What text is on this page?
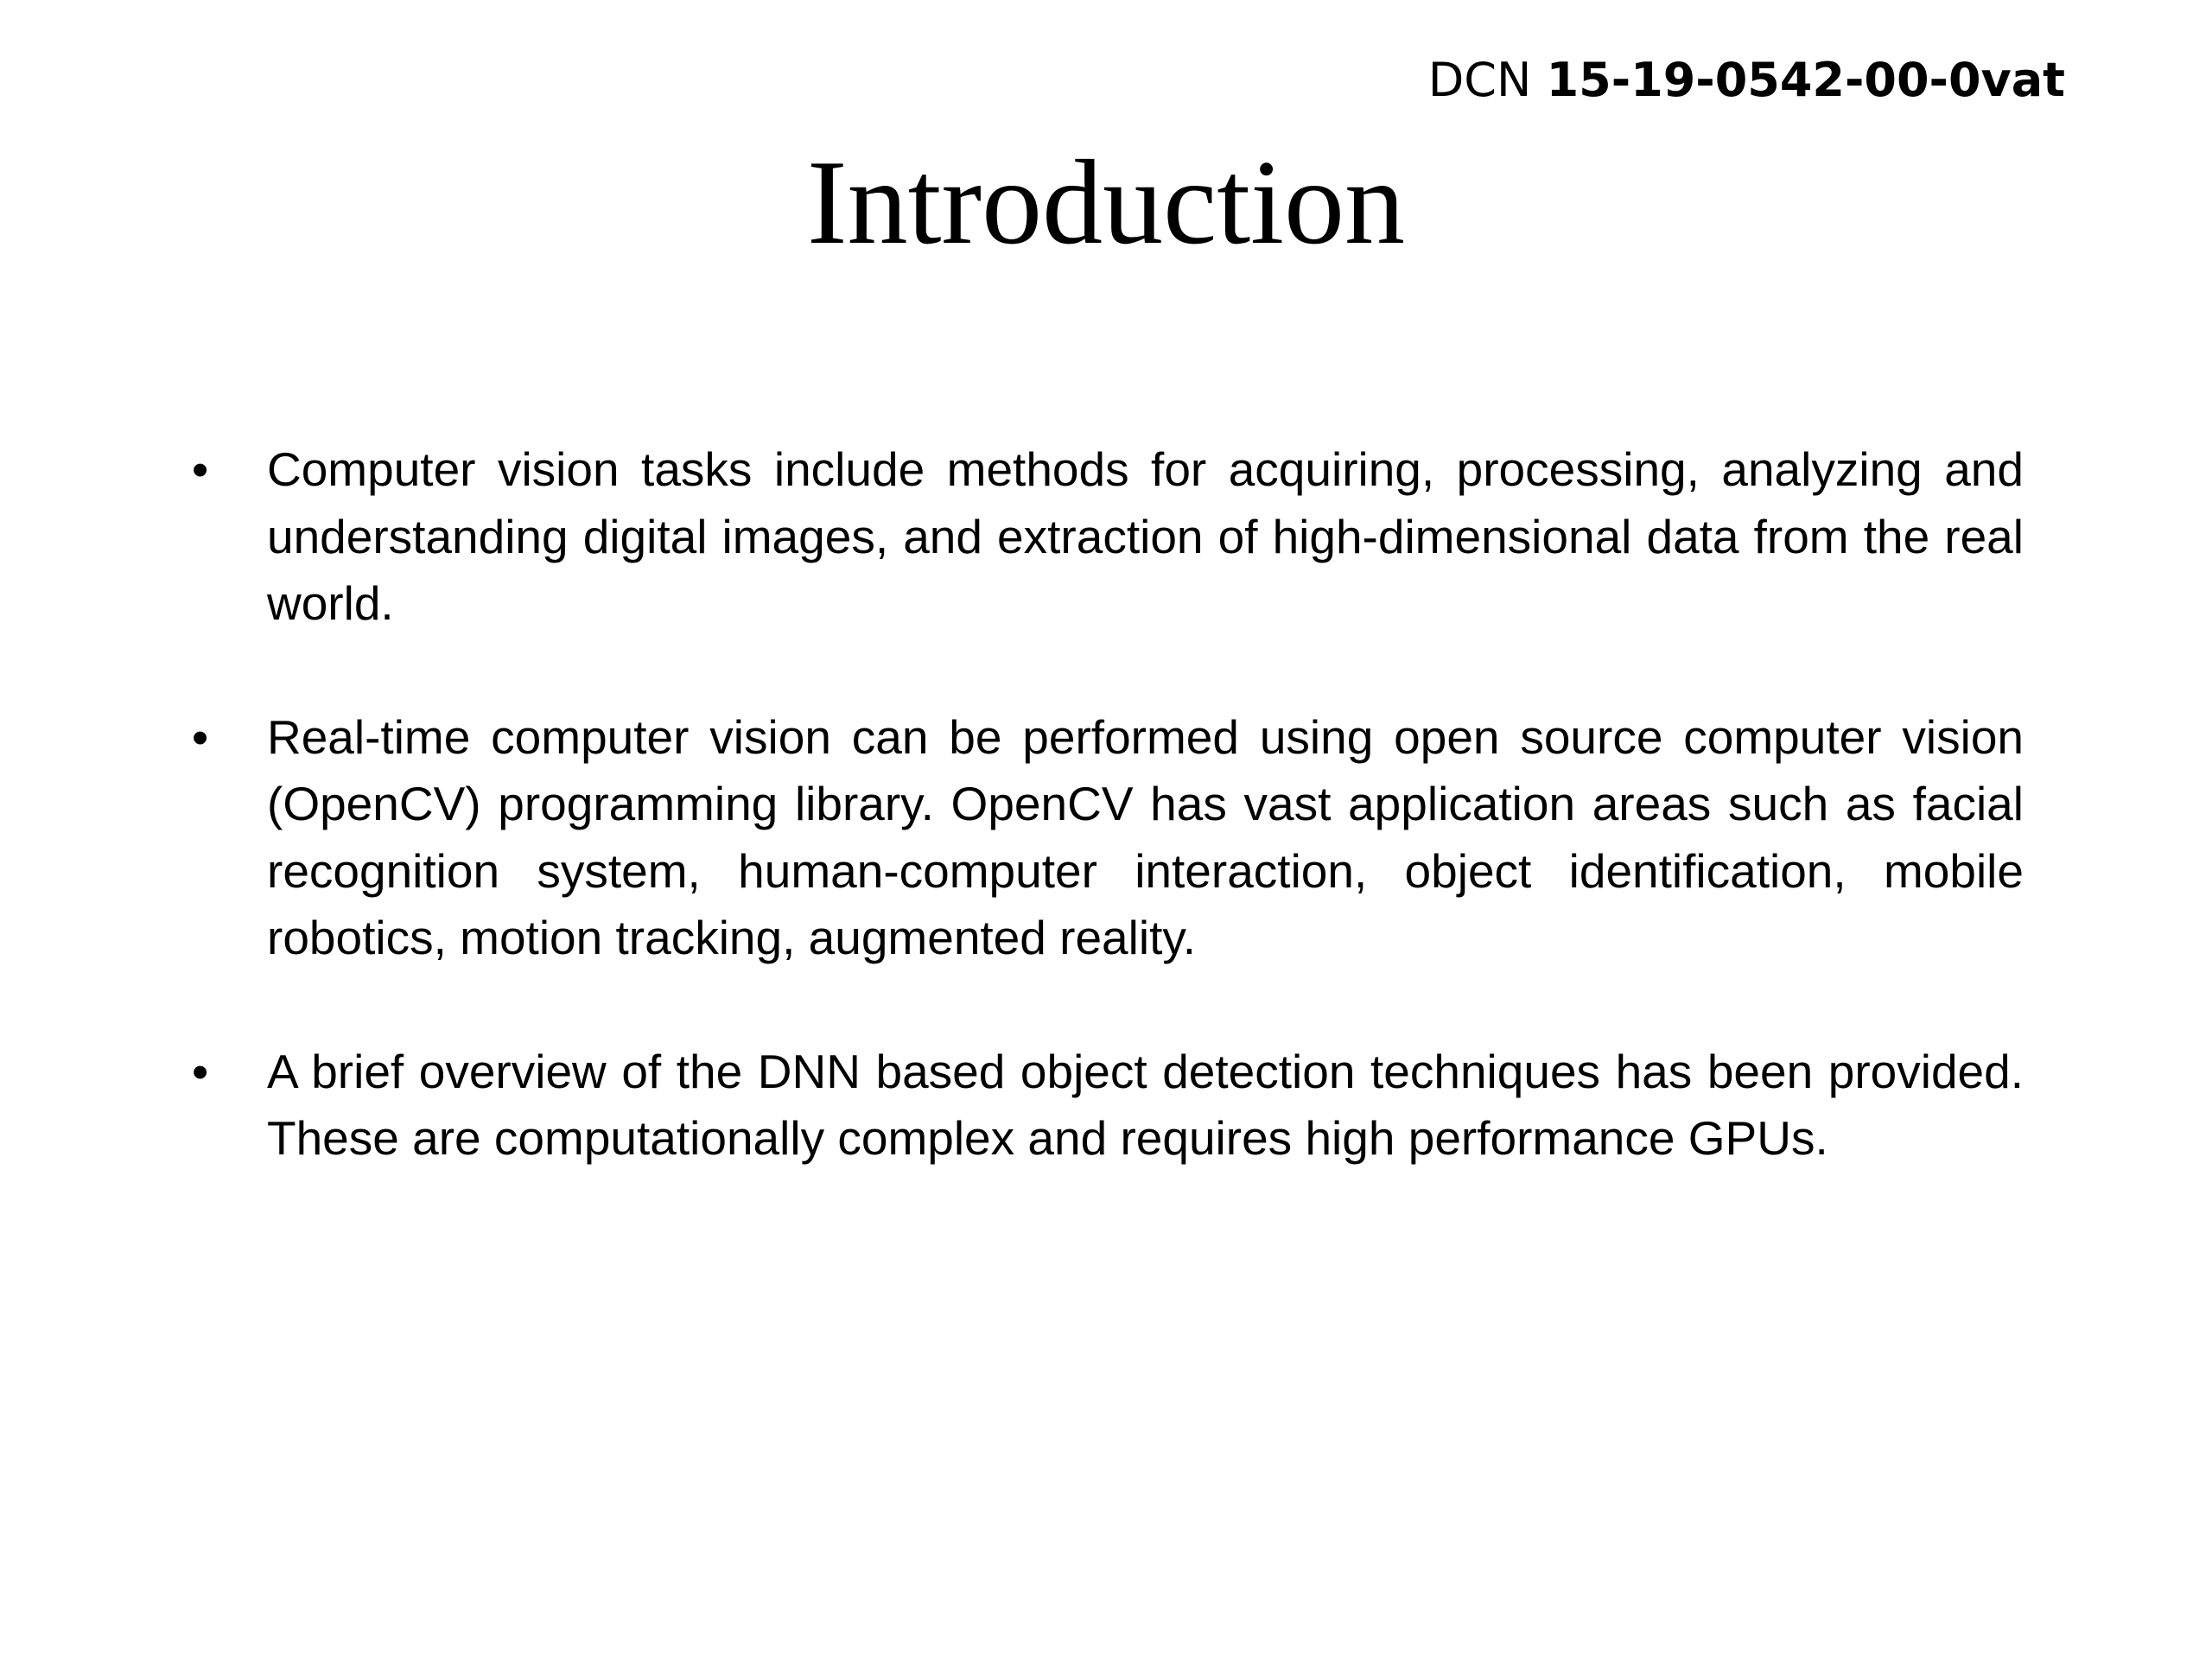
DCN 15-19-0542-00-0vat
Introduction
•	Computer vision tasks include methods for acquiring, processing, analyzing and understanding digital images, and extraction of high-dimensional data from the real world.
•	Real-time computer vision can be performed using open source computer vision (OpenCV) programming library. OpenCV has vast application areas such as facial recognition system, human-computer interaction, object identification, mobile robotics, motion tracking, augmented reality.
•	A brief overview of the DNN based object detection techniques has been provided. These are computationally complex and requires high performance GPUs.
